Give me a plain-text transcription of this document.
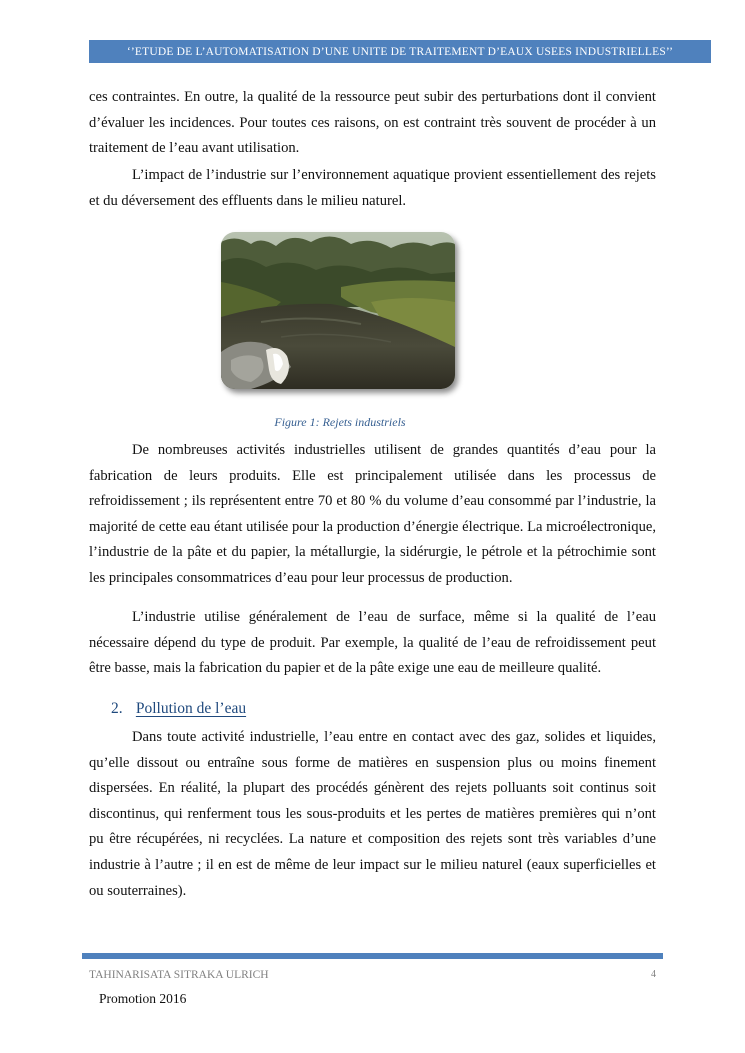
‘’ETUDE DE L’AUTOMATISATION D’UNE UNITE DE TRAITEMENT D’EAUX USEES INDUSTRIELLES’’

ces contraintes. En outre, la qualité de la ressource peut subir des perturbations dont il convient d’évaluer les incidences. Pour toutes ces raisons, on est contraint très souvent de procéder à un traitement de l’eau avant utilisation.

L’impact de l’industrie sur l’environnement aquatique provient essentiellement des rejets et du déversement des effluents dans le milieu naturel.

Figure 1: Rejets industriels

De nombreuses activités industrielles utilisent de grandes quantités d’eau pour la fabrication de leurs produits. Elle est principalement utilisée dans les processus de refroidissement ; ils représentent entre 70 et 80 % du volume d’eau consommé par l’industrie, la majorité de cette eau étant utilisée pour la production d’énergie électrique. La microélectronique, l’industrie de la pâte et du papier, la métallurgie, la sidérurgie, le pétrole et la pétrochimie sont les principales consommatrices d’eau pour leur processus de production.

L’industrie utilise généralement de l’eau de surface, même si la qualité de l’eau nécessaire dépend du type de produit. Par exemple, la qualité de l’eau de refroidissement peut être basse, mais la fabrication du papier et de la pâte exige une eau de meilleure qualité.

2. Pollution de l’eau

Dans toute activité industrielle, l’eau entre en contact avec des gaz, solides et liquides, qu’elle dissout ou entraîne sous forme de matières en suspension plus ou moins finement dispersées. En réalité, la plupart des procédés génèrent des rejets polluants soit continus soit discontinus, qui renferment tous les sous-produits et les pertes de matières premières qui n’ont pu être récupérées, ni recyclées. La nature et composition des rejets sont très variables d’une industrie à l’autre ; il en est de même de leur impact sur le milieu naturel (eaux superficielles et ou souterraines).

TAHINARISATA SITRAKA ULRICH	4
Promotion 2016
